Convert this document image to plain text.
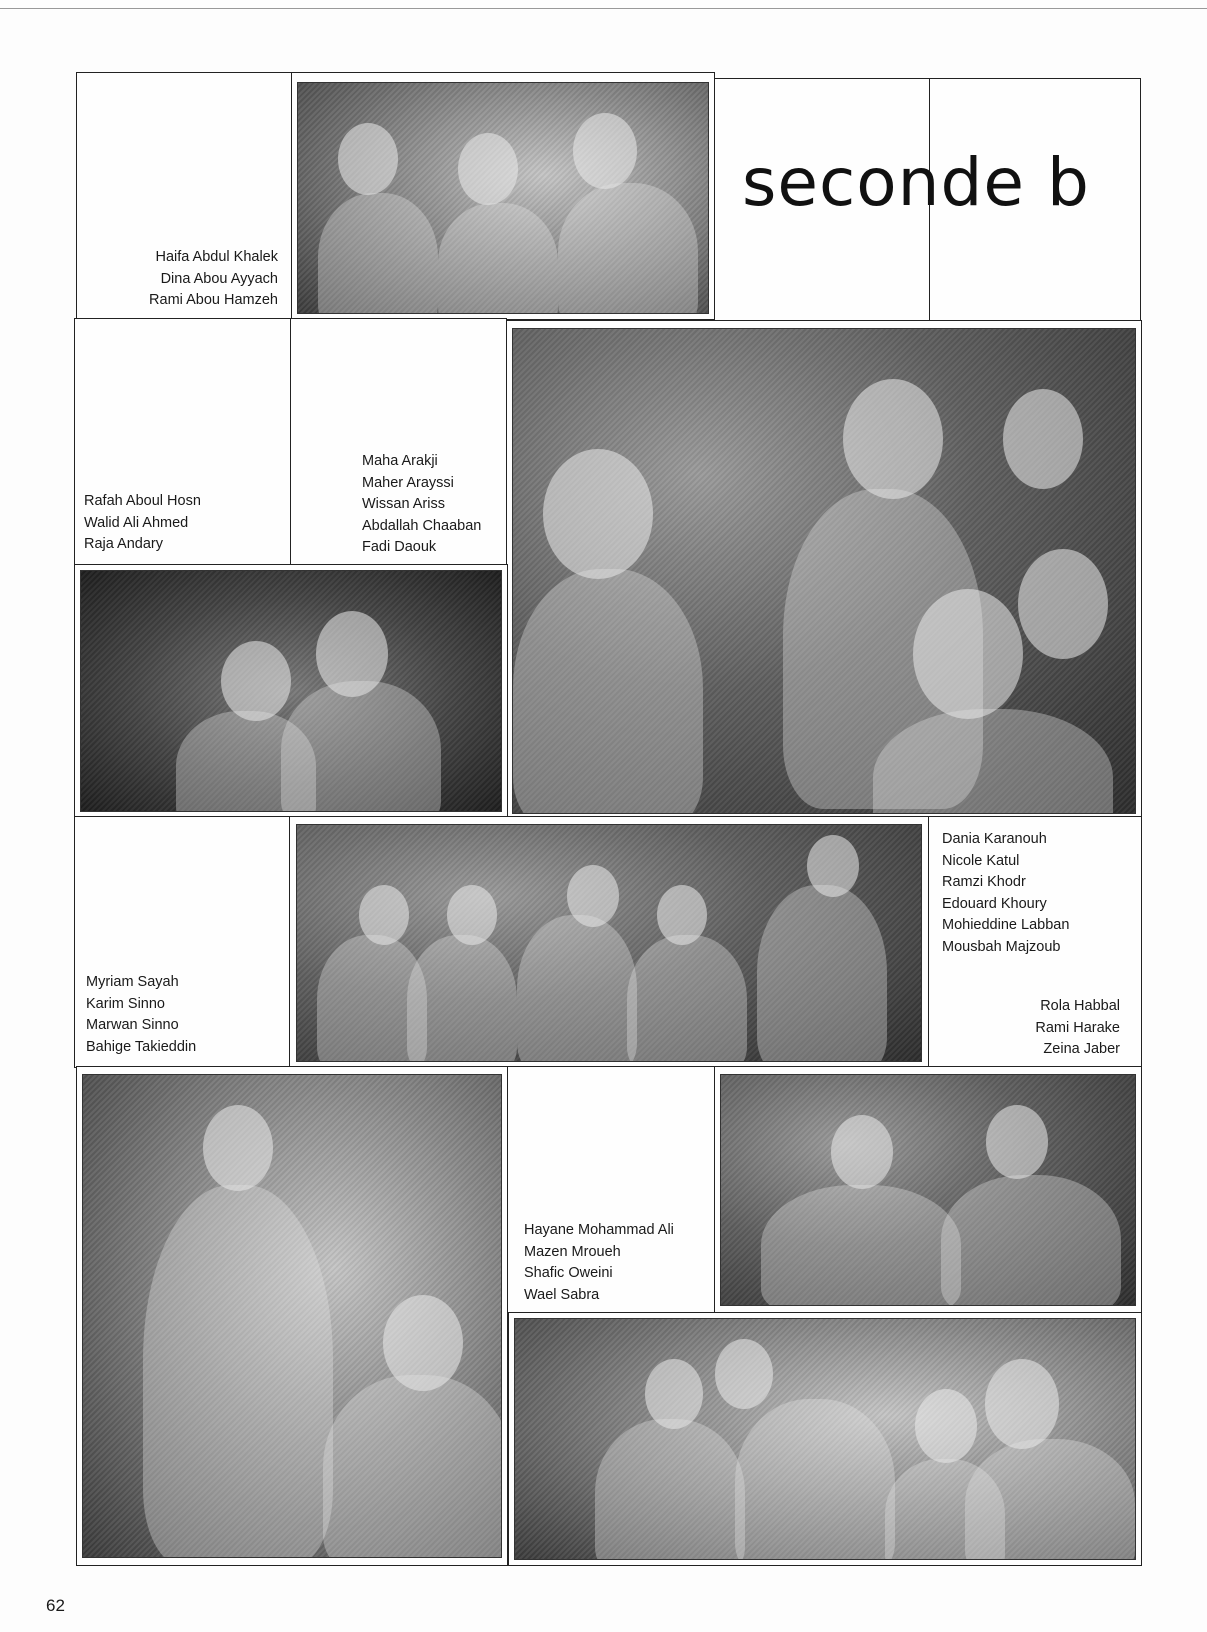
seconde b
Haifa Abdul Khalek
Dina Abou Ayyach
Rami Abou Hamzeh
Rafah Aboul Hosn
Walid Ali Ahmed
Raja Andary
Maha Arakji
Maher Arayssi
Wissan Ariss
Abdallah Chaaban
Fadi Daouk
Dania Karanouh
Nicole Katul
Ramzi Khodr
Edouard Khoury
Mohieddine Labban
Mousbah Majzoub
Myriam Sayah
Karim Sinno
Marwan Sinno
Bahige Takieddin
Rola Habbal
Rami Harake
Zeina Jaber
Hayane Mohammad Ali
Mazen Mroueh
Shafic Oweini
Wael Sabra
62
